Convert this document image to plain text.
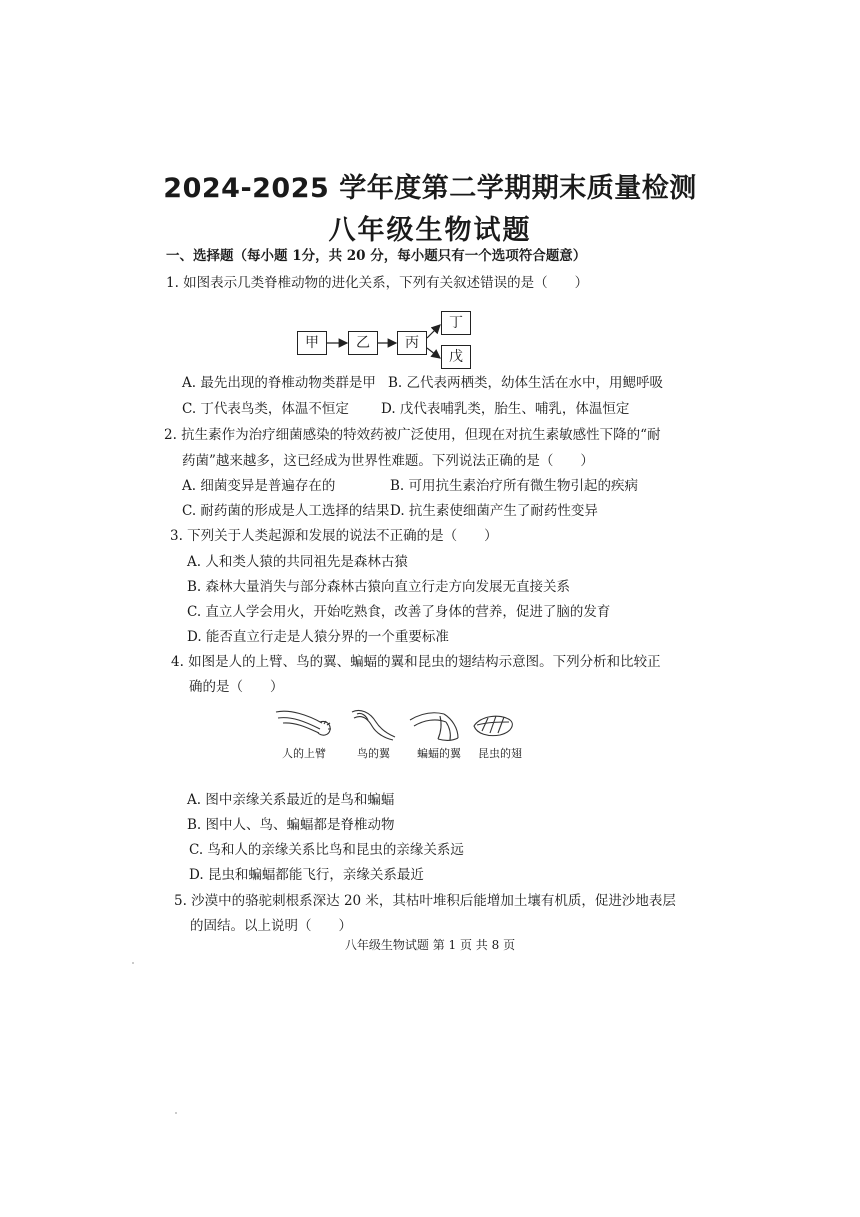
2024-2025 学年度第二学期期末质量检测
八年级生物试题
一、选择题（每小题 1分，共 20 分，每小题只有一个选项符合题意）
1. 如图表示几类脊椎动物的进化关系，下列有关叙述错误的是（　　）
甲	乙	丙
丁
戊
A. 最先出现的脊椎动物类群是甲 B. 乙代表两栖类，幼体生活在水中，用鳃呼吸
C. 丁代表鸟类，体温不恒定 D. 戊代表哺乳类，胎生、哺乳，体温恒定
2. 抗生素作为治疗细菌感染的特效药被广泛使用，但现在对抗生素敏感性下降的“耐
药菌”越来越多，这已经成为世界性难题。下列说法正确的是（　　）
A. 细菌变异是普遍存在的	B. 可用抗生素治疗所有微生物引起的疾病
C. 耐药菌的形成是人工选择的结果 D. 抗生素使细菌产生了耐药性变异
3. 下列关于人类起源和发展的说法不正确的是（　　）
A. 人和类人猿的共同祖先是森林古猿
B. 森林大量消失与部分森林古猿向直立行走方向发展无直接关系
C. 直立人学会用火，开始吃熟食，改善了身体的营养，促进了脑的发育
D. 能否直立行走是人猿分界的一个重要标准
4. 如图是人的上臂、鸟的翼、蝙蝠的翼和昆虫的翅结构示意图。下列分析和比较正
确的是（　　）
人的上臂	鸟的翼 蝙蝠的翼 昆虫的翅
A. 图中亲缘关系最近的是鸟和蝙蝠
B. 图中人、鸟、蝙蝠都是脊椎动物
C. 鸟和人的亲缘关系比鸟和昆虫的亲缘关系远
D. 昆虫和蝙蝠都能飞行，亲缘关系最近
5. 沙漠中的骆驼刺根系深达 20 米，其枯叶堆积后能增加土壤有机质，促进沙地表层
的固结。以上说明（　　）
八年级生物试题 第 1 页 共 8 页
